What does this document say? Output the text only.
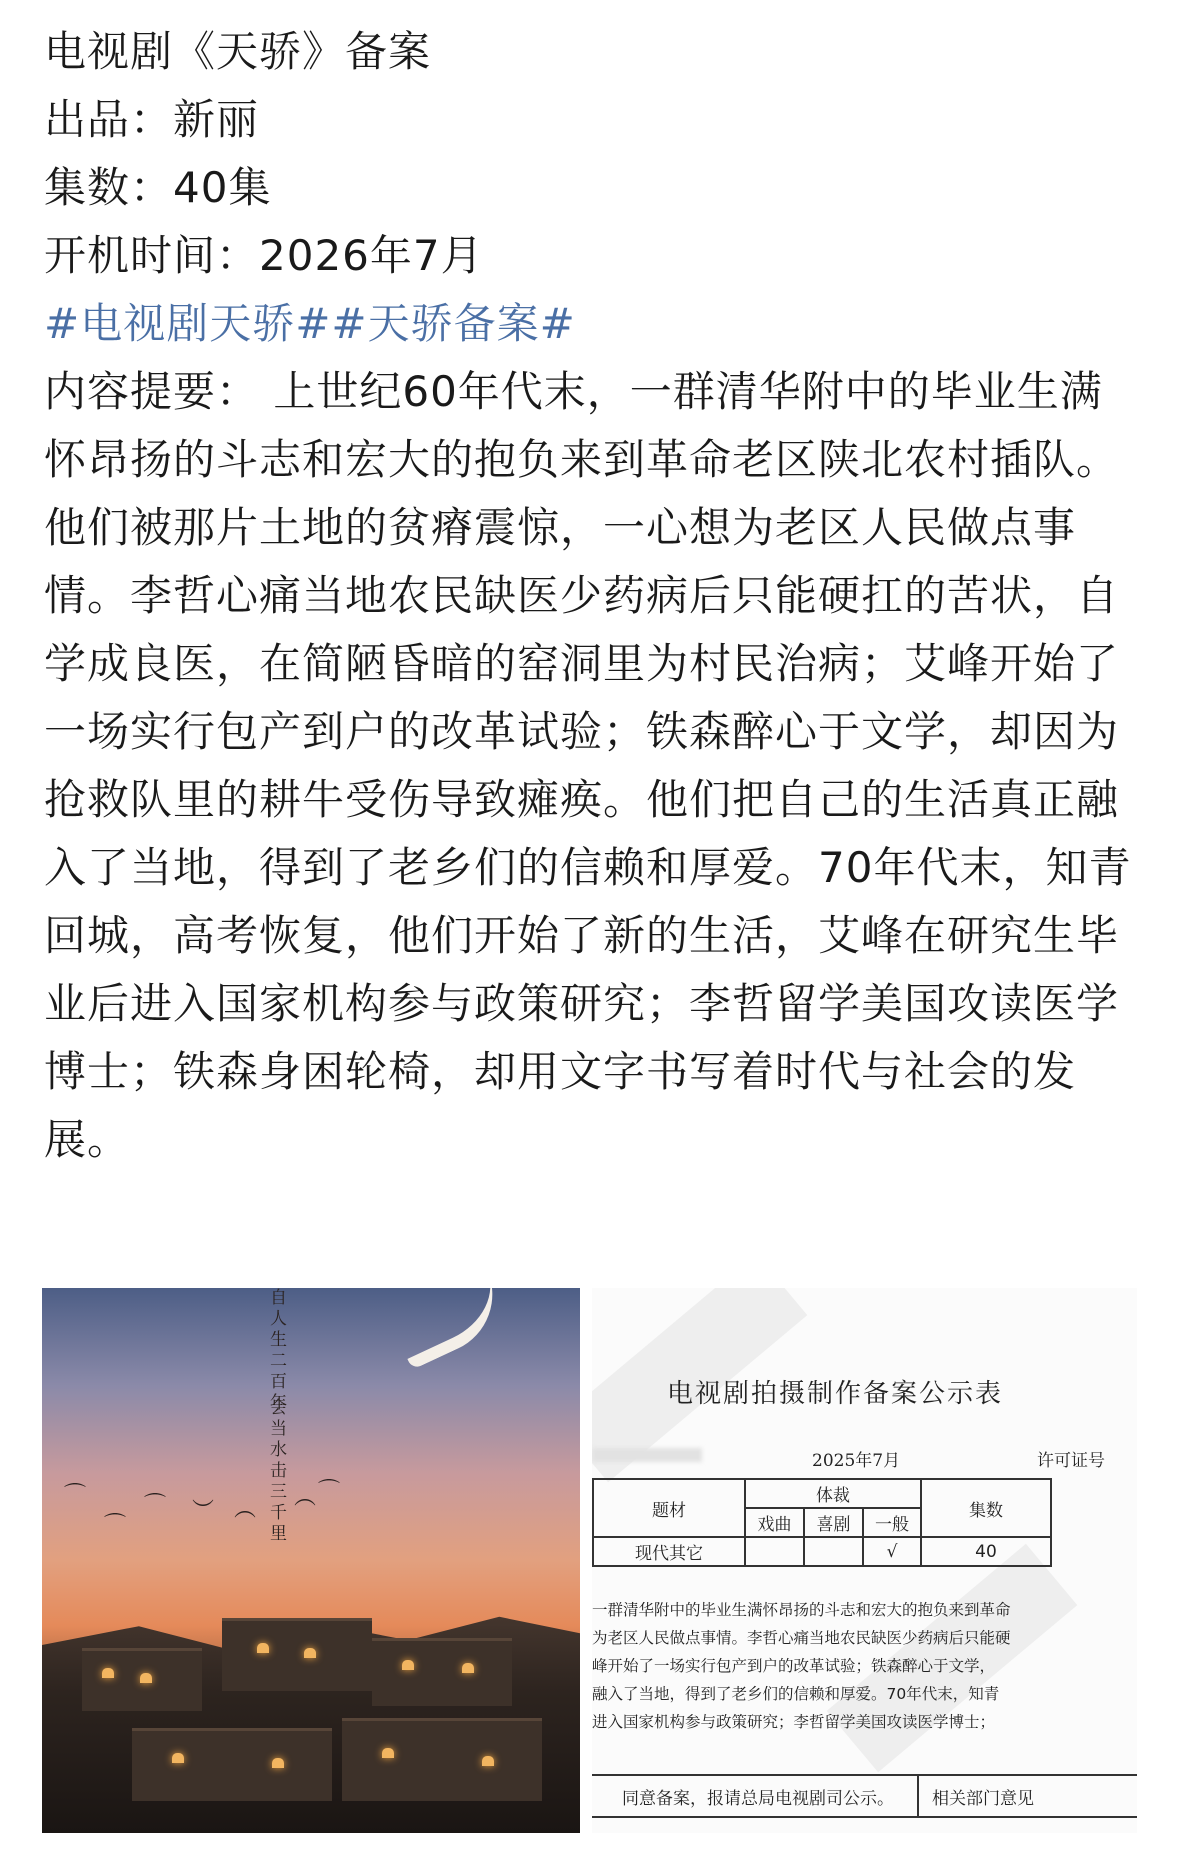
电视剧《天骄》备案
出品：新丽
集数：40集
开机时间：2026年7月
#电视剧天骄##天骄备案#
内容提要： 上世纪60年代末，一群清华附中的毕业生满怀昂扬的斗志和宏大的抱负来到革命老区陕北农村插队。他们被那片土地的贫瘠震惊，一心想为老区人民做点事情。李哲心痛当地农民缺医少药病后只能硬扛的苦状，自学成良医，在简陋昏暗的窑洞里为村民治病；艾峰开始了一场实行包产到户的改革试验；铁森醉心于文学，却因为抢救队里的耕牛受伤导致瘫痪。他们把自己的生活真正融入了当地，得到了老乡们的信赖和厚爱。70年代末，知青回城，高考恢复，他们开始了新的生活，艾峰在研究生毕业后进入国家机构参与政策研究；李哲留学美国攻读医学博士；铁森身困轮椅，却用文字书写着时代与社会的发展。
自人生二百年
会当水击三千里
⌒
⌒
⌒ ︶ ︵ ︵ ⌒
电视剧拍摄制作备案公示表
2025年7月	许可证号
题材	体裁			集数
	戏曲	喜剧	一般	
现代其它			√	40
一群清华附中的毕业生满怀昂扬的斗志和宏大的抱负来到革命
为老区人民做点事情。李哲心痛当地农民缺医少药病后只能硬
峰开始了一场实行包产到户的改革试验；铁森醉心于文学，
融入了当地，得到了老乡们的信赖和厚爱。70年代末，知青
进入国家机构参与政策研究；李哲留学美国攻读医学博士；
同意备案，报请总局电视剧司公示。 相关部门意见
